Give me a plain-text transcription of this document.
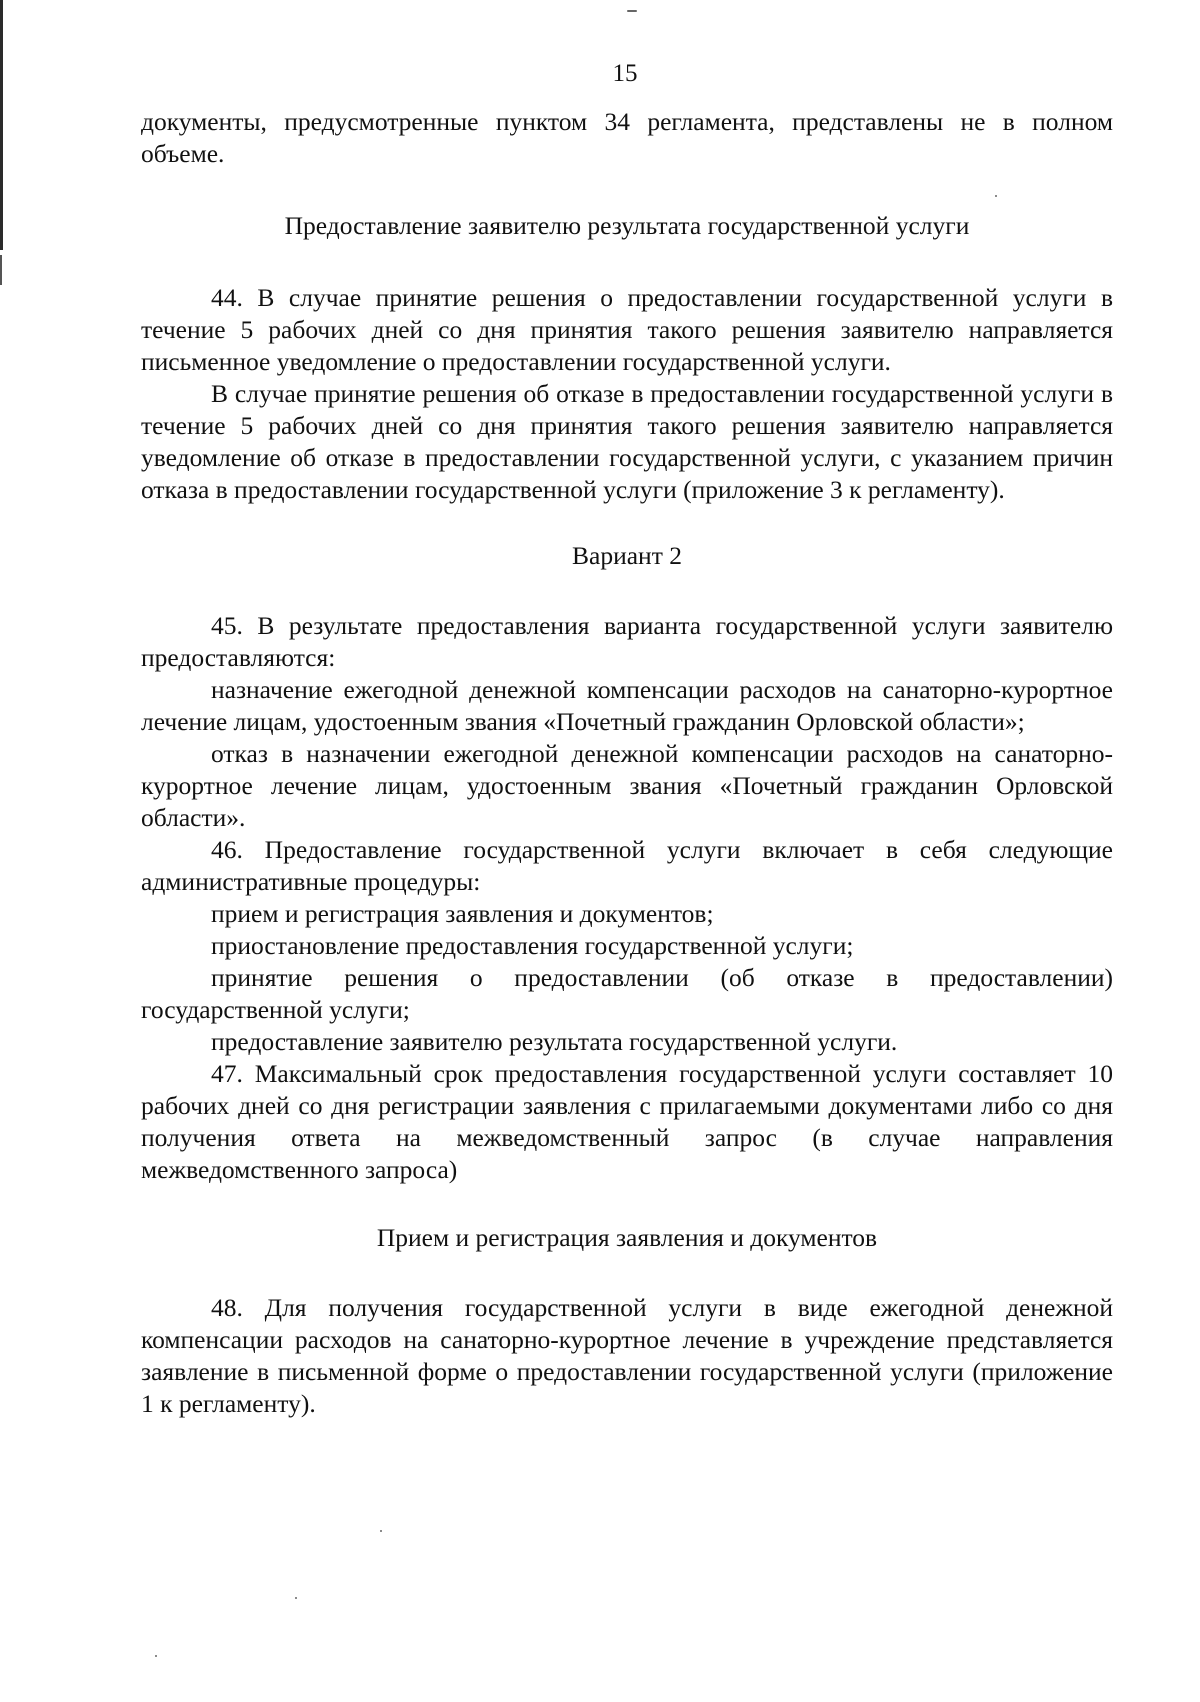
15

документы, предусмотренные пунктом 34 регламента, представлены не в полном объеме.

Предоставление заявителю результата государственной услуги

44. В случае принятие решения о предоставлении государственной услуги в течение 5 рабочих дней со дня принятия такого решения заявителю направляется письменное уведомление о предоставлении государственной услуги.

В случае принятие решения об отказе в предоставлении государственной услуги в течение 5 рабочих дней со дня принятия такого решения заявителю направляется уведомление об отказе в предоставлении государственной услуги, с указанием причин отказа в предоставлении государственной услуги (приложение 3 к регламенту).

Вариант 2

45. В результате предоставления варианта государственной услуги заявителю предоставляются:

назначение ежегодной денежной компенсации расходов на санаторно-курортное лечение лицам, удостоенным звания «Почетный гражданин Орловской области»;

отказ в назначении ежегодной денежной компенсации расходов на санаторно-курортное лечение лицам, удостоенным звания «Почетный гражданин Орловской области».

46. Предоставление государственной услуги включает в себя следующие административные процедуры:

прием и регистрация заявления и документов;

приостановление предоставления государственной услуги;

принятие решения о предоставлении (об отказе в предоставлении) государственной услуги;

предоставление заявителю результата государственной услуги.

47. Максимальный срок предоставления государственной услуги составляет 10 рабочих дней со дня регистрации заявления с прилагаемыми документами либо со дня получения ответа на межведомственный запрос (в случае направления межведомственного запроса)

Прием и регистрация заявления и документов

48. Для получения государственной услуги в виде ежегодной денежной компенсации расходов на санаторно-курортное лечение в учреждение представляется заявление в письменной форме о предоставлении государственной услуги (приложение 1 к регламенту).
